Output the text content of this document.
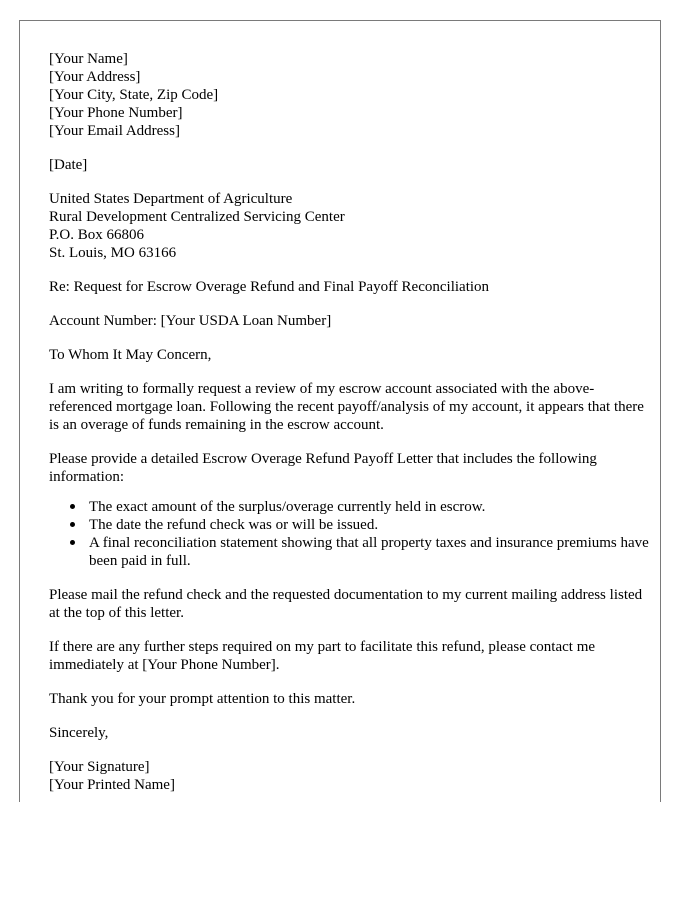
[Your Name]
[Your Address]
[Your City, State, Zip Code]
[Your Phone Number]
[Your Email Address]

[Date]

United States Department of Agriculture
Rural Development Centralized Servicing Center
P.O. Box 66806
St. Louis, MO 63166

Re: Request for Escrow Overage Refund and Final Payoff Reconciliation

Account Number: [Your USDA Loan Number]

To Whom It May Concern,

I am writing to formally request a review of my escrow account associated with the above-referenced mortgage loan. Following the recent payoff/analysis of my account, it appears that there is an overage of funds remaining in the escrow account.

Please provide a detailed Escrow Overage Refund Payoff Letter that includes the following information:

The exact amount of the surplus/overage currently held in escrow.
The date the refund check was or will be issued.
A final reconciliation statement showing that all property taxes and insurance premiums have been paid in full.

Please mail the refund check and the requested documentation to my current mailing address listed at the top of this letter.

If there are any further steps required on my part to facilitate this refund, please contact me immediately at [Your Phone Number].

Thank you for your prompt attention to this matter.

Sincerely,

[Your Signature]
[Your Printed Name]
